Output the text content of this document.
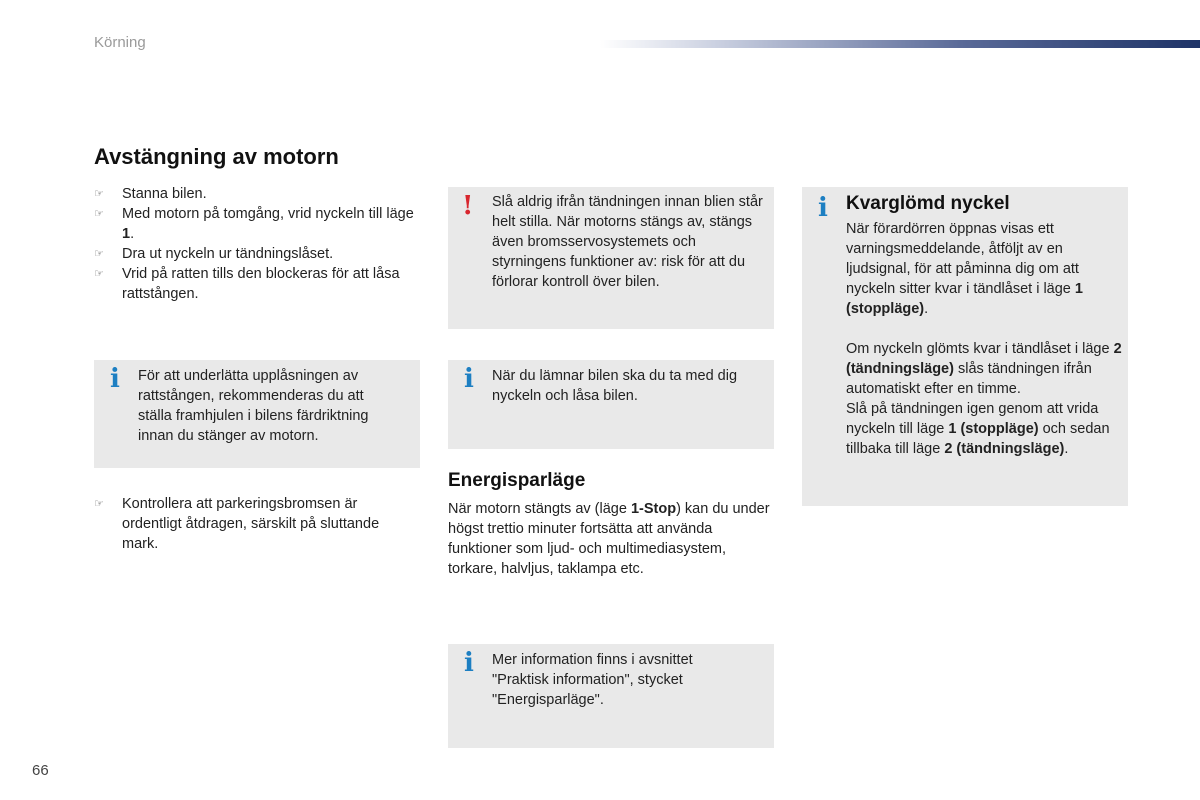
Körning
Avstängning av motorn
☞ Stanna bilen.
☞ Med motorn på tomgång, vrid nyckeln till läge 1.
☞ Dra ut nyckeln ur tändningslåset.
☞ Vrid på ratten tills den blockeras för att låsa rattstången.
i För att underlätta upplåsningen av rattstången, rekommenderas du att ställa framhjulen i bilens färdriktning innan du stänger av motorn.
☞ Kontrollera att parkeringsbromsen är ordentligt åtdragen, särskilt på sluttande mark.
! Slå aldrig ifrån tändningen innan blien står helt stilla. När motorns stängs av, stängs även bromsservosystemets och styrningens funktioner av: risk för att du förlorar kontroll över bilen.
i När du lämnar bilen ska du ta med dig nyckeln och låsa bilen.
Energisparläge
När motorn stängts av (läge 1-Stop) kan du under högst trettio minuter fortsätta att använda funktioner som ljud- och multimediasystem, torkare, halvljus, taklampa etc.
i Mer information finns i avsnittet "Praktisk information", stycket "Energisparläge".
i Kvarglömd nyckel
När förardörren öppnas visas ett varningsmeddelande, åtföljt av en ljudsignal, för att påminna dig om att nyckeln sitter kvar i tändlåset i läge 1 (stoppläge).
Om nyckeln glömts kvar i tändlåset i läge 2 (tändningsläge) slås tändningen ifrån automatiskt efter en timme.
Slå på tändningen igen genom att vrida nyckeln till läge 1 (stoppläge) och sedan tillbaka till läge 2 (tändningsläge).
66
